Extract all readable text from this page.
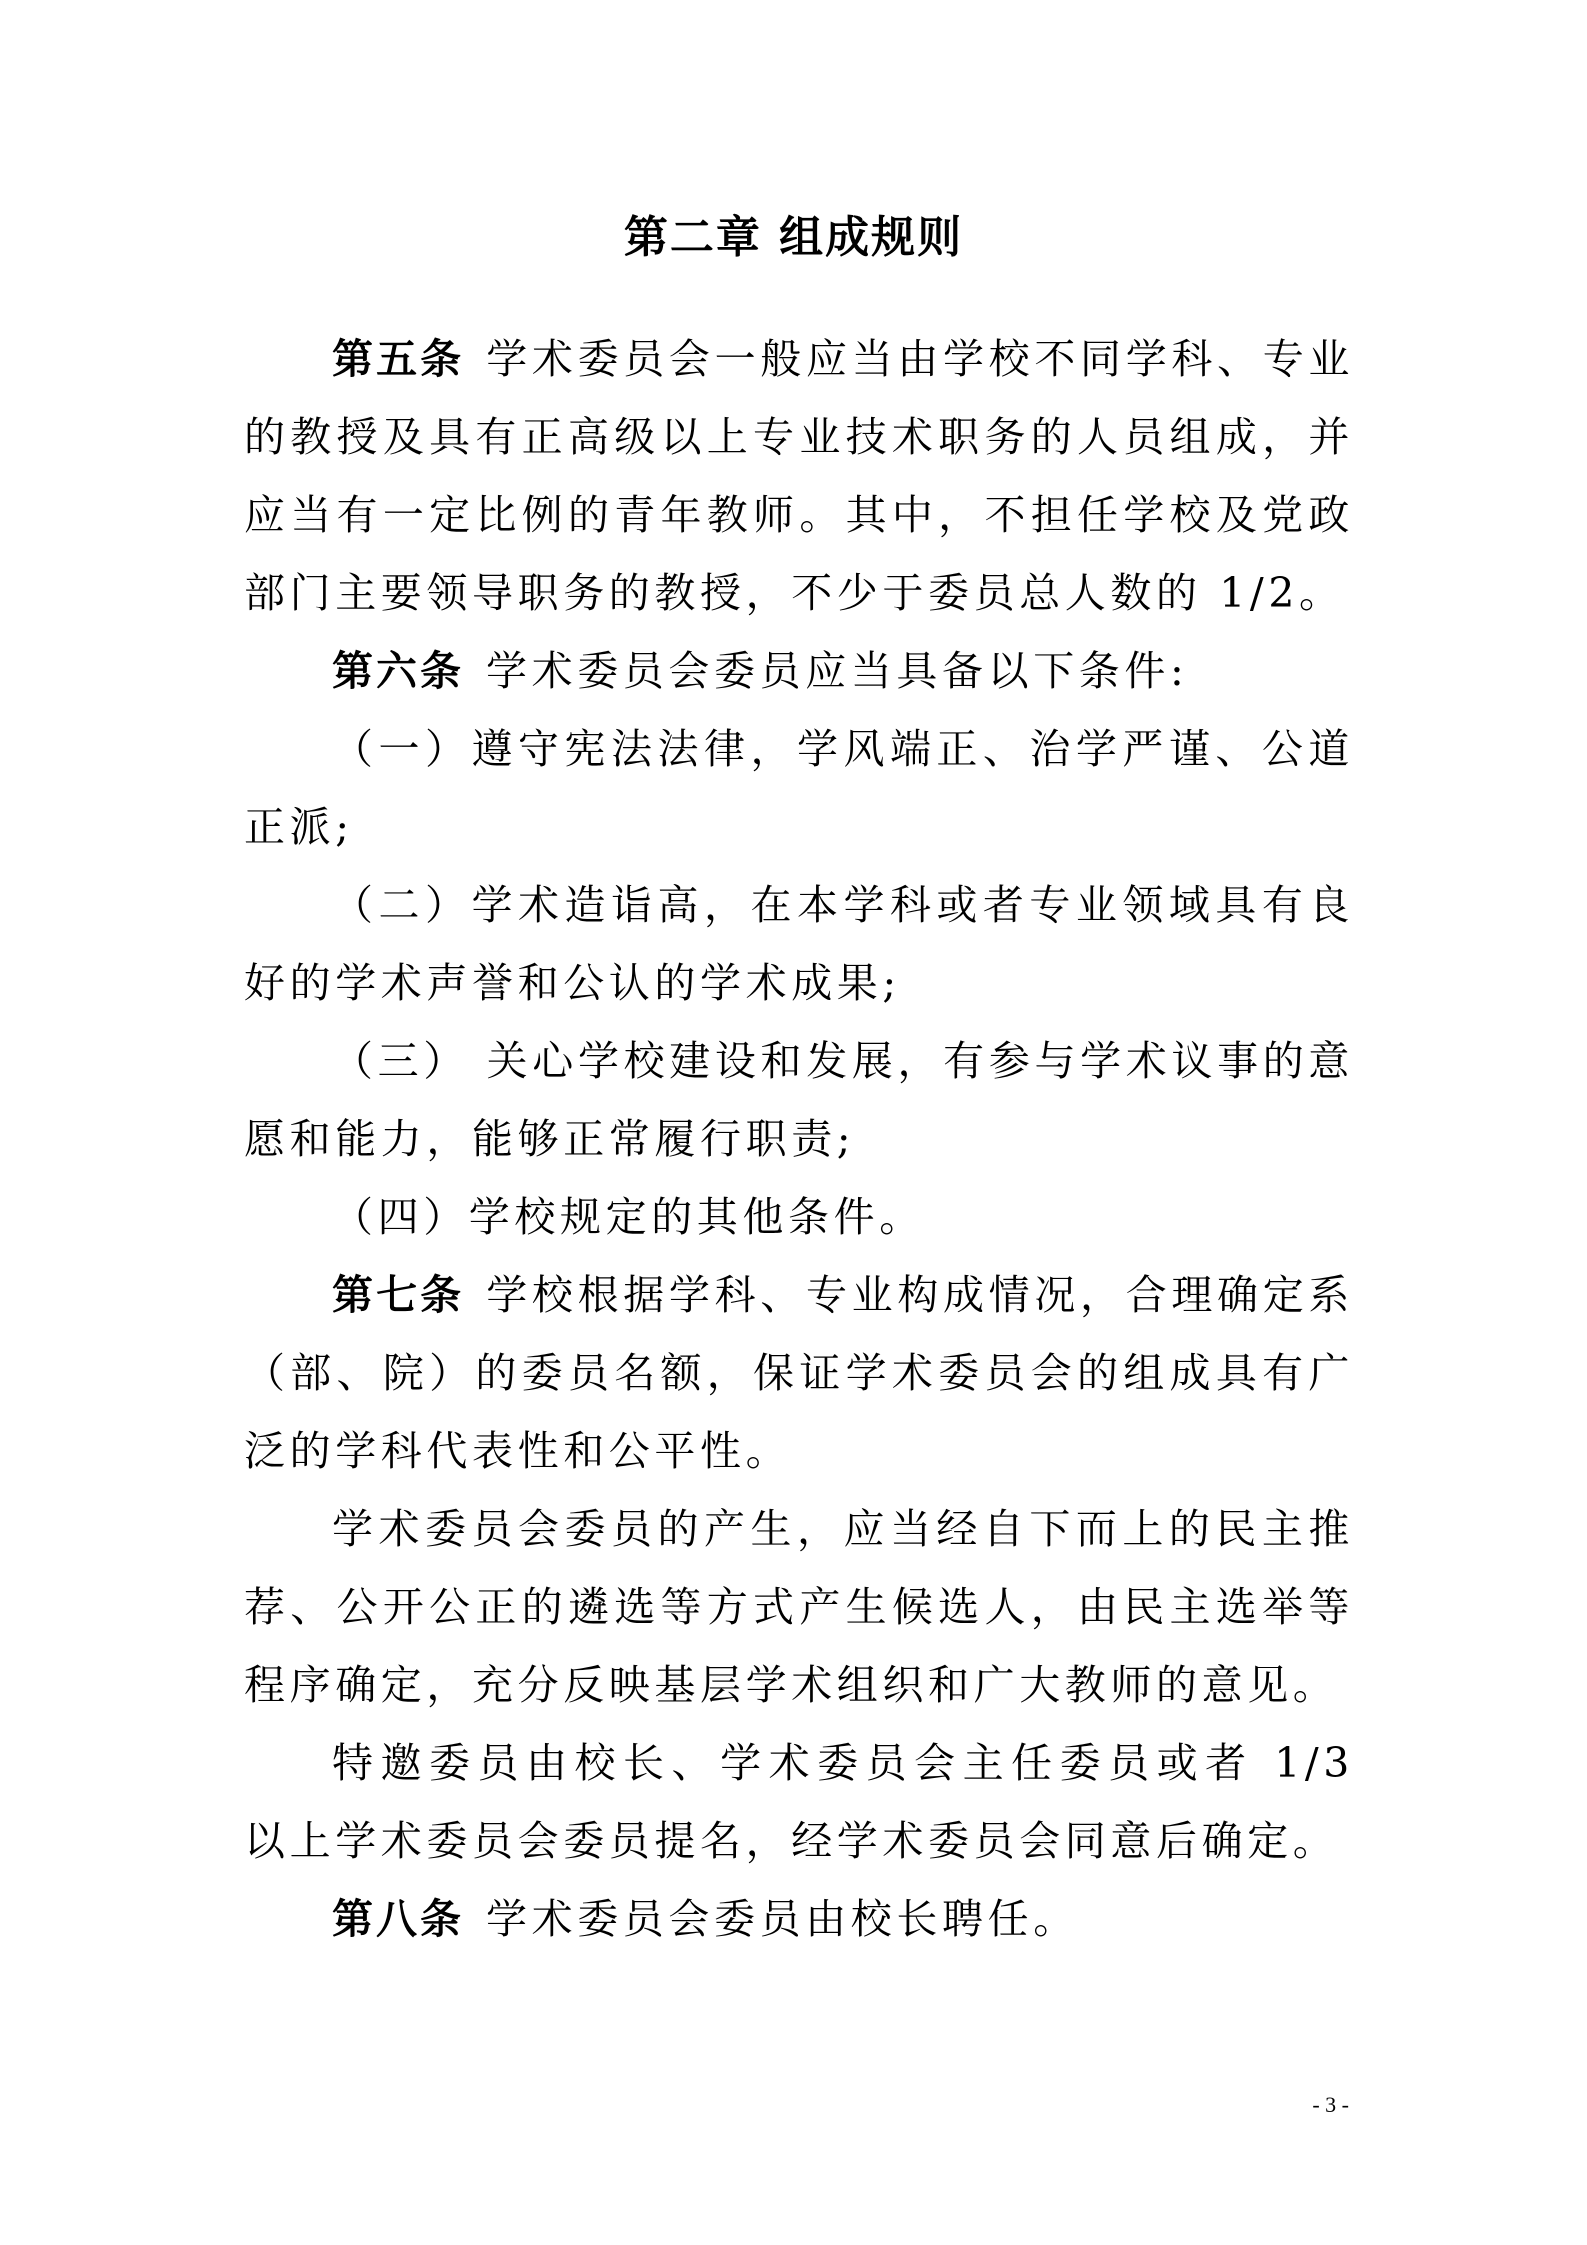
第二章 组成规则

第五条 学术委员会一般应当由学校不同学科、专业的教授及具有正高级以上专业技术职务的人员组成，并应当有一定比例的青年教师。其中，不担任学校及党政部门主要领导职务的教授，不少于委员总人数的 1/2。

第六条 学术委员会委员应当具备以下条件:

（一）遵守宪法法律，学风端正、治学严谨、公道正派;

（二）学术造诣高，在本学科或者专业领域具有良好的学术声誉和公认的学术成果;

（三） 关心学校建设和发展，有参与学术议事的意愿和能力，能够正常履行职责;

（四）学校规定的其他条件。

第七条 学校根据学科、专业构成情况，合理确定系（部、院）的委员名额，保证学术委员会的组成具有广泛的学科代表性和公平性。

学术委员会委员的产生，应当经自下而上的民主推荐、公开公正的遴选等方式产生候选人，由民主选举等程序确定，充分反映基层学术组织和广大教师的意见。

特邀委员由校长、学术委员会主任委员或者 1/3 以上学术委员会委员提名，经学术委员会同意后确定。

第八条 学术委员会委员由校长聘任。

- 3 -
